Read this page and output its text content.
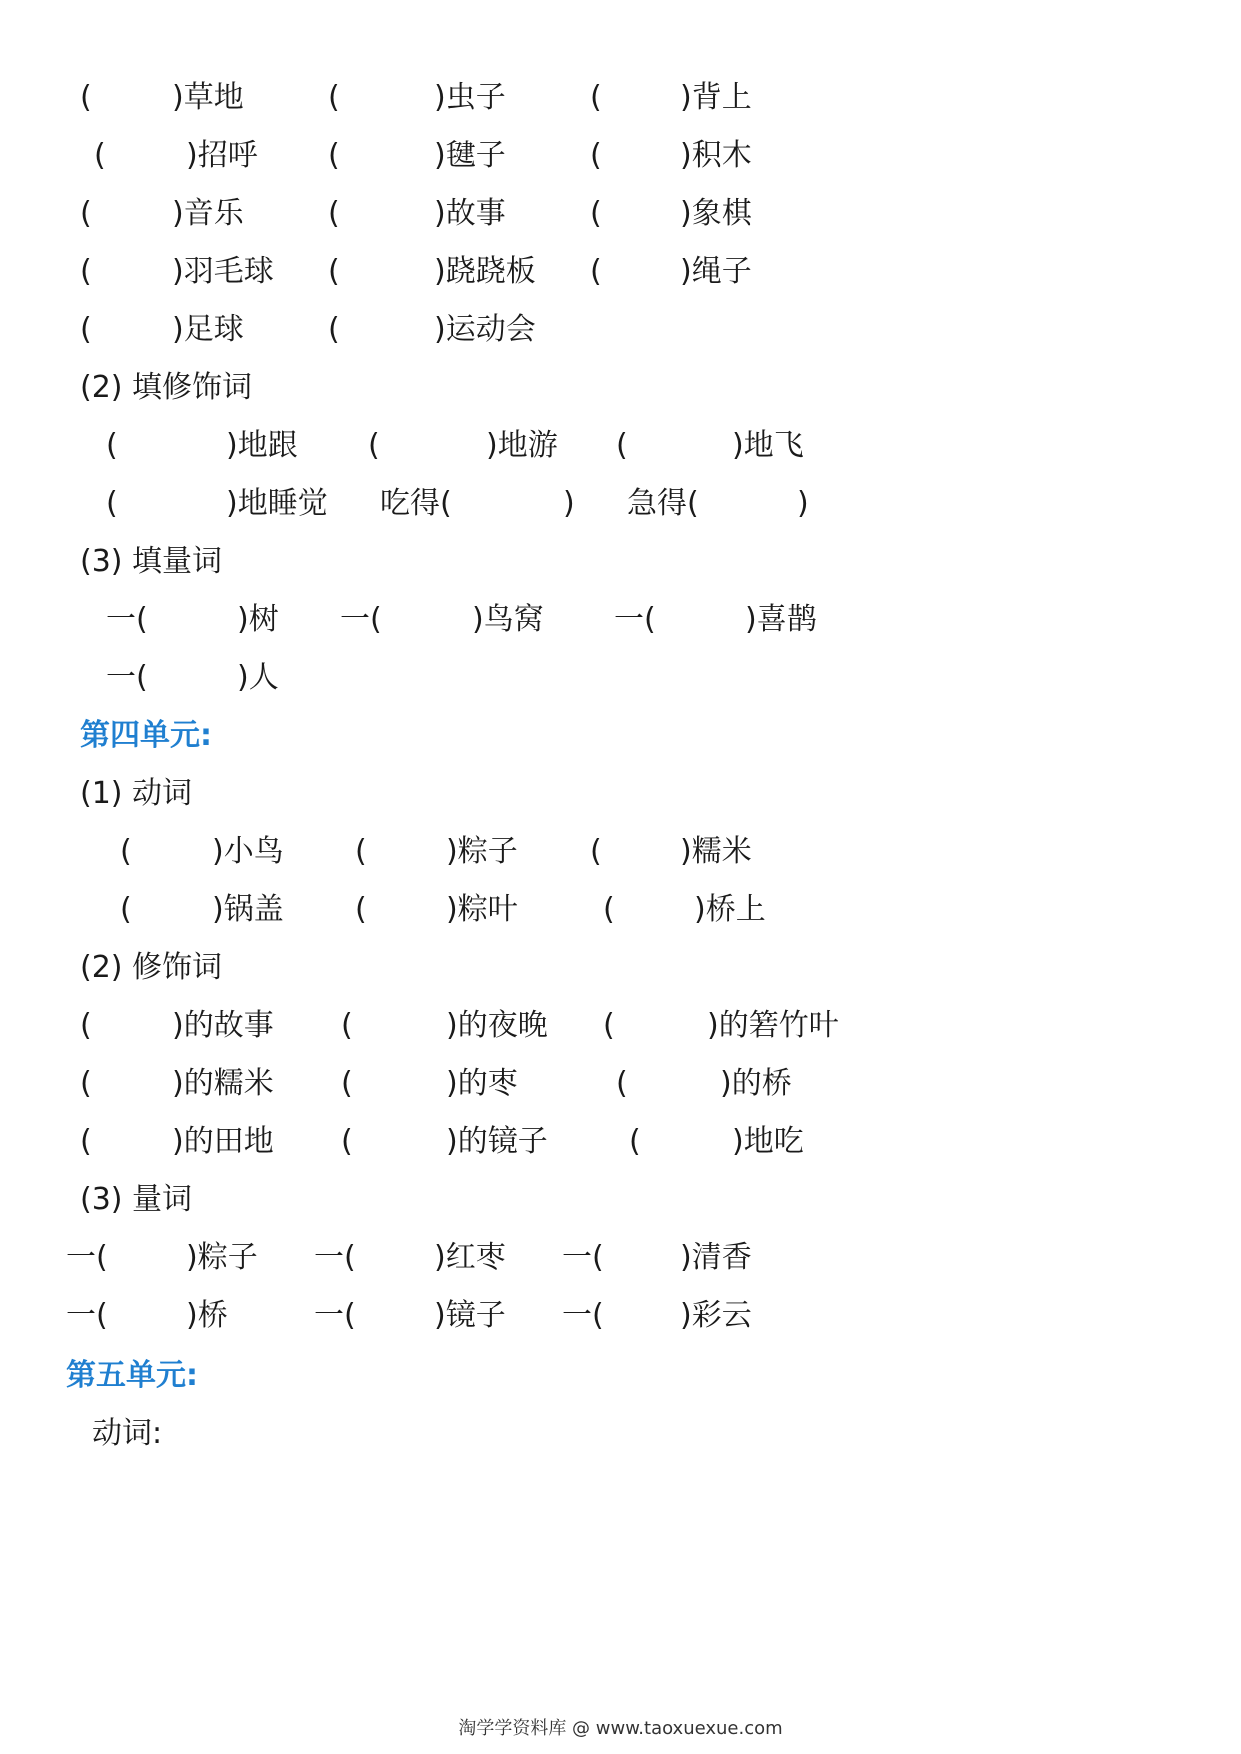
(	)草地	(	)虫子	(	)背上
(	)招呼 (	)毽子	(	)积木
(	)音乐	(	)故事	(	)象棋
(	)羽毛球 (	)跷跷板 (	)绳子
(	)足球	(	)运动会
(2) 填修饰词
(	)地跟 (	)地游 (	)地飞
(	)地睡觉 吃得(	) 急得(	)
(3) 填量词
一(	)树 一(	)鸟窝 一(	)喜鹊
一(	)人
第四单元:
(1) 动词
(	)小鸟 (	)粽子 (	)糯米
(	)锅盖 (	)粽叶	(	)桥上
(2) 修饰词
(	)的故事 (	)的夜晚 (	)的箬竹叶
(	)的糯米 (	)的枣	(	)的桥
(	)的田地 (	)的镜子	(	)地吃
(3) 量词
一(	)粽子 一(	)红枣 一(	)清香
一(	)桥	一(	)镜子 一(	)彩云
第五单元:
动词:
淘学学资料库 @ www.taoxuexue.com
